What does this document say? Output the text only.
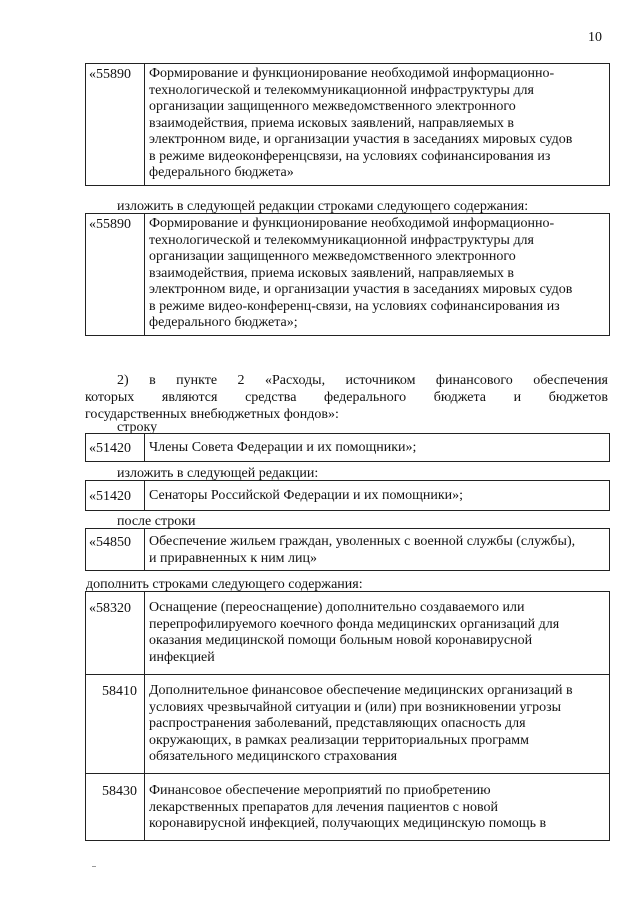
10
«55890	Формирование и функционирование необходимой информационно-
технологической и телекоммуникационной инфраструктуры для
организации защищенного межведомственного электронного
взаимодействия, приема исковых заявлений, направляемых в
электронном виде, и организации участия в заседаниях мировых судов
в режиме видеоконференцсвязи, на условиях софинансирования из
федерального бюджета»
изложить в следующей редакции строками следующего содержания:
«55890	Формирование и функционирование необходимой информационно-
технологической и телекоммуникационной инфраструктуры для
организации защищенного межведомственного электронного
взаимодействия, приема исковых заявлений, направляемых в
электронном виде, и организации участия в заседаниях мировых судов
в режиме видео-конференц-связи, на условиях софинансирования из
федерального бюджета»;
2) в пункте 2 «Расходы, источником финансового обеспечения
которых являются средства федерального бюджета и бюджетов
государственных внебюджетных фондов»:
строку
«51420	Члены Совета Федерации и их помощники»;
изложить в следующей редакции:
«51420	Сенаторы Российской Федерации и их помощники»;
после строки
«54850	Обеспечение жильем граждан, уволенных с военной службы (службы),
и приравненных к ним лиц»
дополнить строками следующего содержания:
«58320	Оснащение (переоснащение) дополнительно создаваемого или
перепрофилируемого коечного фонда медицинских организаций для
оказания медицинской помощи больным новой коронавирусной
инфекцией
58410 Дополнительное финансовое обеспечение медицинских организаций в
условиях чрезвычайной ситуации и (или) при возникновении угрозы
распространения заболеваний, представляющих опасность для
окружающих, в рамках реализации территориальных программ
обязательного медицинского страхования
58430 Финансовое обеспечение мероприятий по приобретению
лекарственных препаратов для лечения пациентов с новой
коронавирусной инфекцией, получающих медицинскую помощь в
